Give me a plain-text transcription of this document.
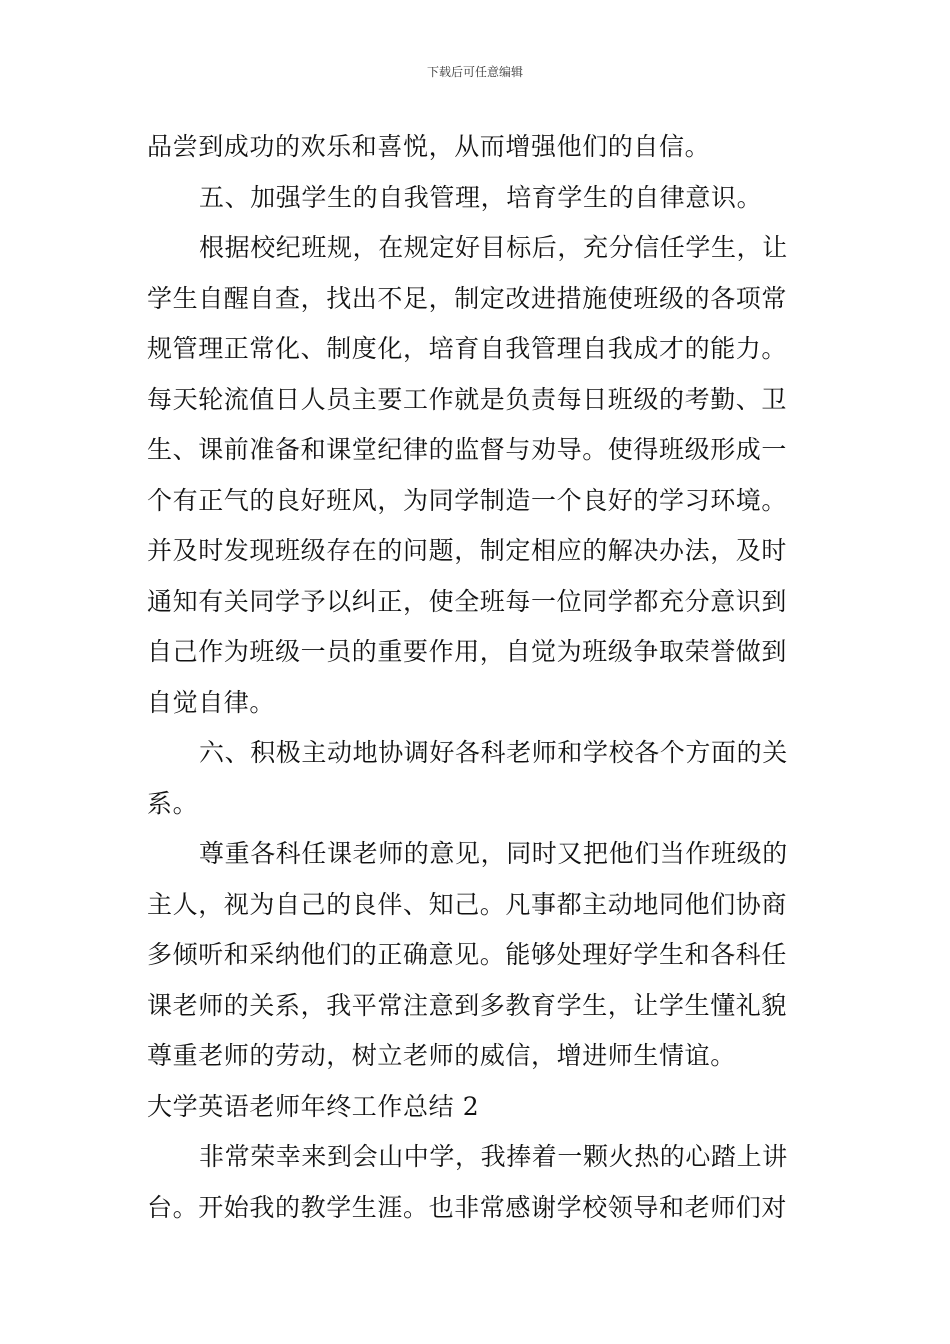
下载后可任意编辑
品尝到成功的欢乐和喜悦，从而增强他们的自信。
五、加强学生的自我管理，培育学生的自律意识。
根据校纪班规，在规定好目标后，充分信任学生，让
学生自醒自查，找出不足，制定改进措施使班级的各项常
规管理正常化、制度化，培育自我管理自我成才的能力。
每天轮流值日人员主要工作就是负责每日班级的考勤、卫
生、课前准备和课堂纪律的监督与劝导。使得班级形成一
个有正气的良好班风，为同学制造一个良好的学习环境。
并及时发现班级存在的问题，制定相应的解决办法，及时
通知有关同学予以纠正，使全班每一位同学都充分意识到
自己作为班级一员的重要作用，自觉为班级争取荣誉做到
自觉自律。
六、积极主动地协调好各科老师和学校各个方面的关
系。
尊重各科任课老师的意见，同时又把他们当作班级的
主人，视为自己的良伴、知己。凡事都主动地同他们协商
多倾听和采纳他们的正确意见。能够处理好学生和各科任
课老师的关系，我平常注意到多教育学生，让学生懂礼貌
尊重老师的劳动，树立老师的威信，增进师生情谊。
大学英语老师年终工作总结 2
非常荣幸来到会山中学，我捧着一颗火热的心踏上讲
台。开始我的教学生涯。也非常感谢学校领导和老师们对
